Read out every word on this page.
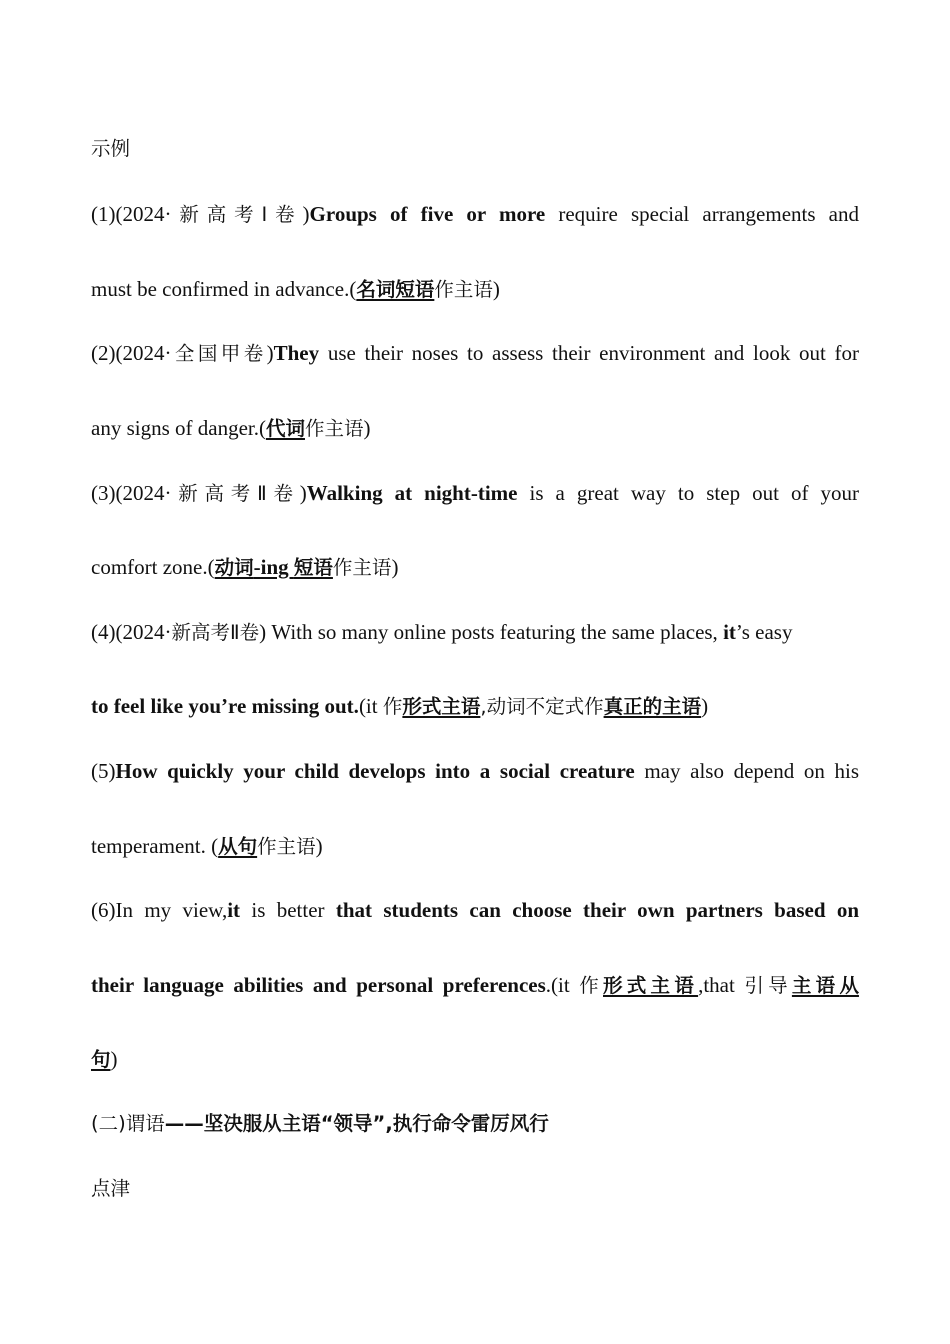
示例
(1)(2024·新高考Ⅰ卷)Groups of five or more require special arrangements and
must be confirmed in advance.(名词短语作主语)
(2)(2024·全国甲卷)They use their noses to assess their environment and look out for
any signs of danger.(代词作主语)
(3)(2024·新高考Ⅱ卷)Walking at night-time is a great way to step out of your
comfort zone.(动词-ing 短语作主语)
(4)(2024·新高考Ⅱ卷) With so many online posts featuring the same places, it’s easy
to feel like you’re missing out.(it 作形式主语,动词不定式作真正的主语)
(5)How quickly your child develops into a social creature may also depend on his
temperament. (从句作主语)
(6)In my view,it is better that students can choose their own partners based on
their language abilities and personal preferences.(it 作形式主语,that 引导主语从
句)
(二)谓语——坚决服从主语“领导”,执行命令雷厉风行
点津
